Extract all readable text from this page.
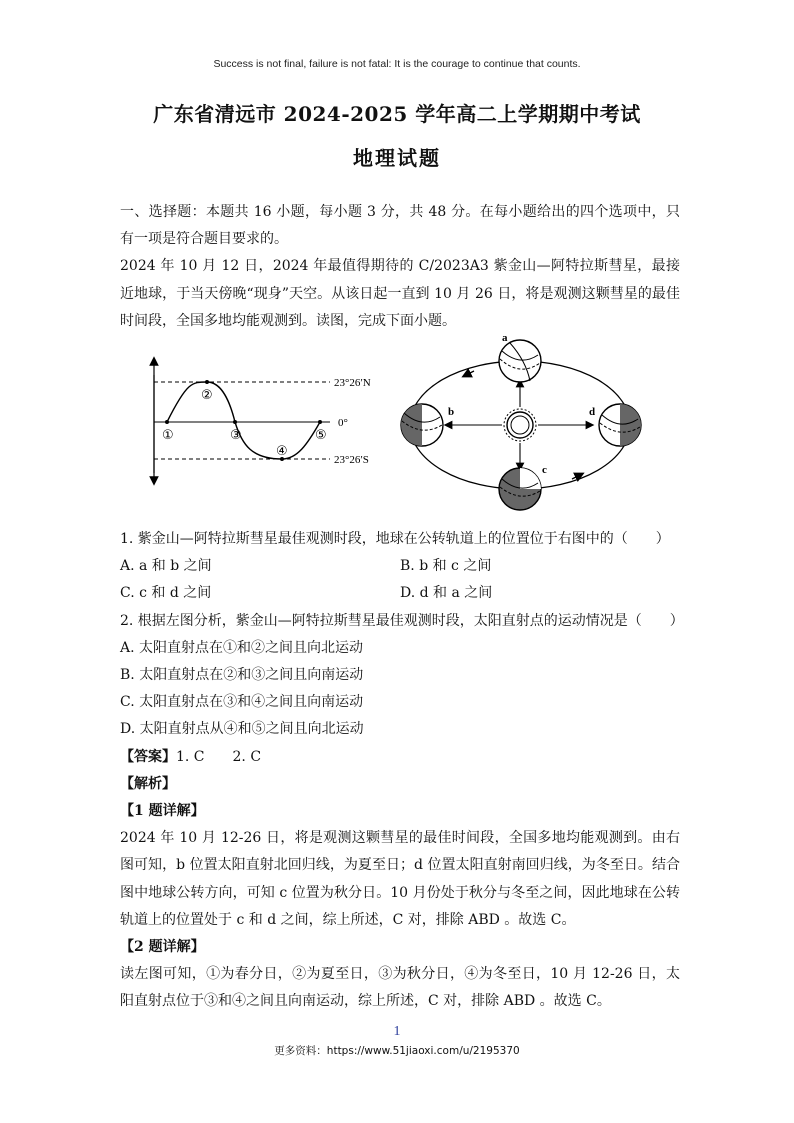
Success is not final, failure is not fatal: It is the courage to continue that counts.
广东省清远市 2024-2025 学年高二上学期期中考试
地理试题

一、选择题：本题共 16 小题，每小题 3 分，共 48 分。在每小题给出的四个选项中，只有一项是符合题目要求的。

2024 年 10 月 12 日，2024 年最值得期待的 C/2023A3 紫金山—阿特拉斯彗星，最接近地球，于当天傍晚“现身”天空。从该日起一直到 10 月 26 日，将是观测这颗彗星的最佳时间段，全国多地均能观测到。读图，完成下面小题。

①
②
③
④
⑤
23°26′N
0°
23°26′S
a
b
c
d

1. 紫金山—阿特拉斯彗星最佳观测时段，地球在公转轨道上的位置位于右图中的（　　）

A. a 和 b 之间	B. b 和 c 之间
C. c 和 d 之间	D. d 和 a 之间

2. 根据左图分析，紫金山—阿特拉斯彗星最佳观测时段，太阳直射点的运动情况是（　　）

A. 太阳直射点在①和②之间且向北运动

B. 太阳直射点在②和③之间且向南运动

C. 太阳直射点在③和④之间且向南运动

D. 太阳直射点从④和⑤之间且向北运动

【答案】1. C　　2. C

【解析】

【1 题详解】

2024 年 10 月 12-26 日，将是观测这颗彗星的最佳时间段，全国多地均能观测到。由右图可知，b 位置太阳直射北回归线，为夏至日；d 位置太阳直射南回归线，为冬至日。结合图中地球公转方向，可知 c 位置为秋分日。10 月份处于秋分与冬至之间，因此地球在公转轨道上的位置处于 c 和 d 之间，综上所述，C 对，排除 ABD 。故选 C。

【2 题详解】

读左图可知，①为春分日，②为夏至日，③为秋分日，④为冬至日，10 月 12-26 日，太阳直射点位于③和④之间且向南运动，综上所述，C 对，排除 ABD 。故选 C。

1
更多资料：https://www.51jiaoxi.com/u/2195370
